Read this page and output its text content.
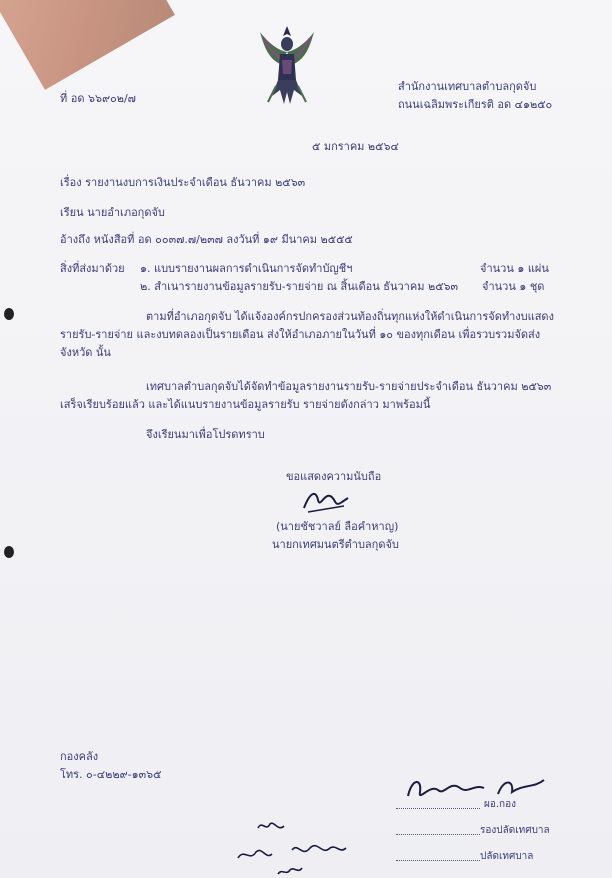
ที่ อด ๖๖๙๐๒/๗
สำนักงานเทศบาลตำบลกุดจับ
ถนนเฉลิมพระเกียรติ อด ๔๑๒๕๐
๕ มกราคม ๒๕๖๔
เรื่อง รายงานงบการเงินประจำเดือน ธันวาคม ๒๕๖๓
เรียน นายอำเภอกุดจับ
อ้างถึง หนังสือที่ อด ๐๐๓๗.๗/๒๓๗ ลงวันที่ ๑๙ มีนาคม ๒๕๕๕
สิ่งที่ส่งมาด้วย ๑. แบบรายงานผลการดำเนินการจัดทำบัญชีฯ	จำนวน ๑ แผ่น
๒. สำเนารายงานข้อมูลรายรับ-รายจ่าย ณ สิ้นเดือน ธันวาคม ๒๕๖๓ จำนวน ๑ ชุด
ตามที่อำเภอกุดจับ ได้แจ้งองค์กรปกครองส่วนท้องถิ่นทุกแห่งให้ดำเนินการจัดทำงบแสดง
รายรับ-รายจ่าย และงบทดลองเป็นรายเดือน ส่งให้อำเภอภายในวันที่ ๑๐ ของทุกเดือน เพื่อรวบรวมจัดส่ง
จังหวัด นั้น
เทศบาลตำบลกุดจับได้จัดทำข้อมูลรายงานรายรับ-รายจ่ายประจำเดือน ธันวาคม ๒๕๖๓
เสร็จเรียบร้อยแล้ว และได้แนบรายงานข้อมูลรายรับ รายจ่ายดังกล่าว มาพร้อมนี้
จึงเรียนมาเพื่อโปรดทราบ
ขอแสดงความนับถือ
(นายชัชวาลย์ ลือคำหาญ)
นายกเทศมนตรีตำบลกุดจับ
กองคลัง
โทร. ๐-๔๒๒๙-๑๓๖๕
ผอ.กอง
รองปลัดเทศบาล
ปลัดเทศบาล
